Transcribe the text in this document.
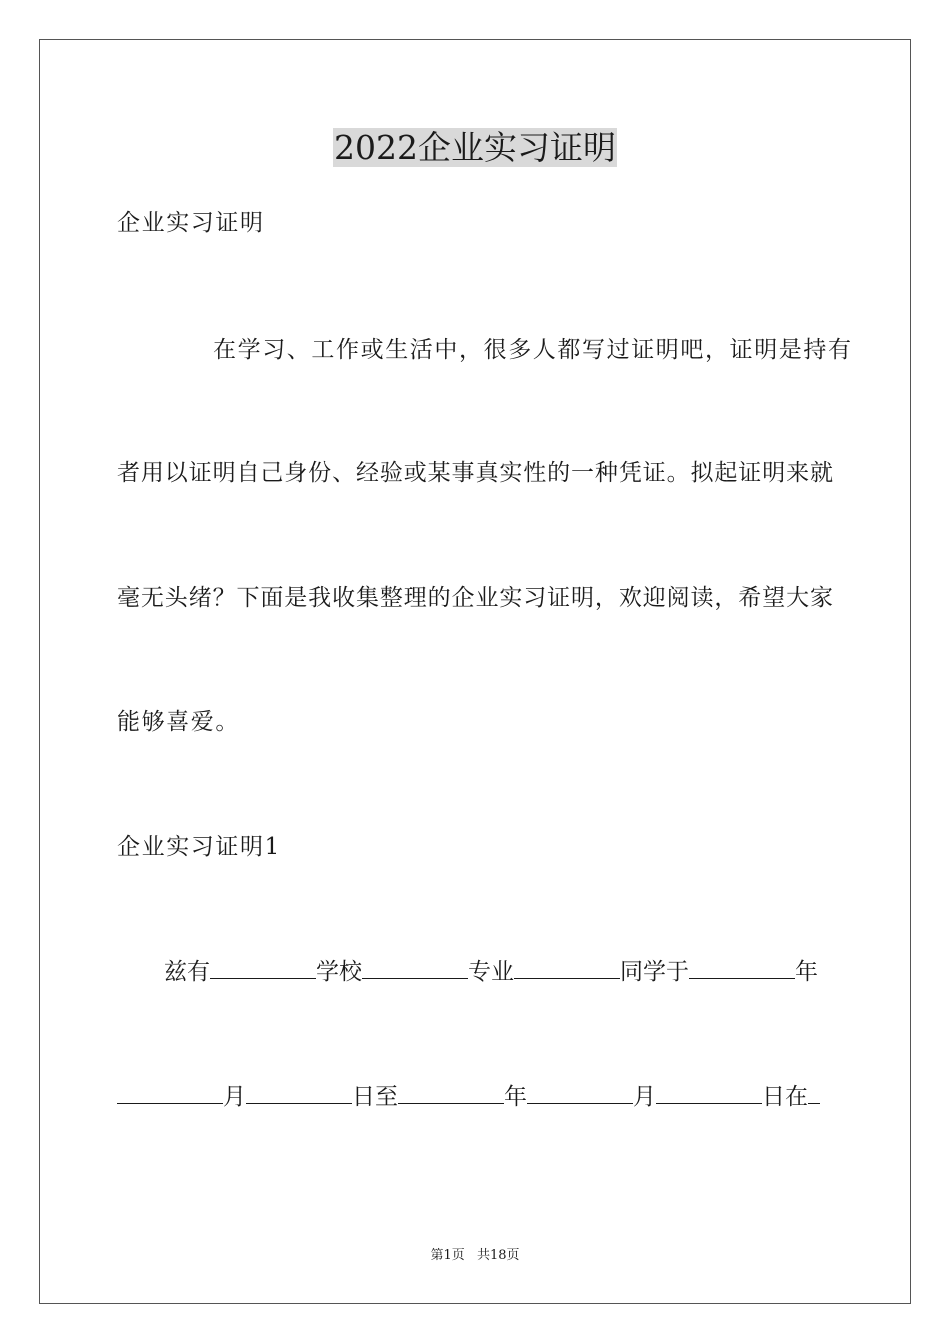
2022企业实习证明
企业实习证明
在学习、工作或生活中，很多人都写过证明吧，证明是持有
者用以证明自己身份、经验或某事真实性的一种凭证。拟起证明来就
毫无头绪？下面是我收集整理的企业实习证明，欢迎阅读，希望大家
能够喜爱。
企业实习证明1
兹有	学校	专业	同学于	年
月	日至	年	月	日在
第1页 共18页
